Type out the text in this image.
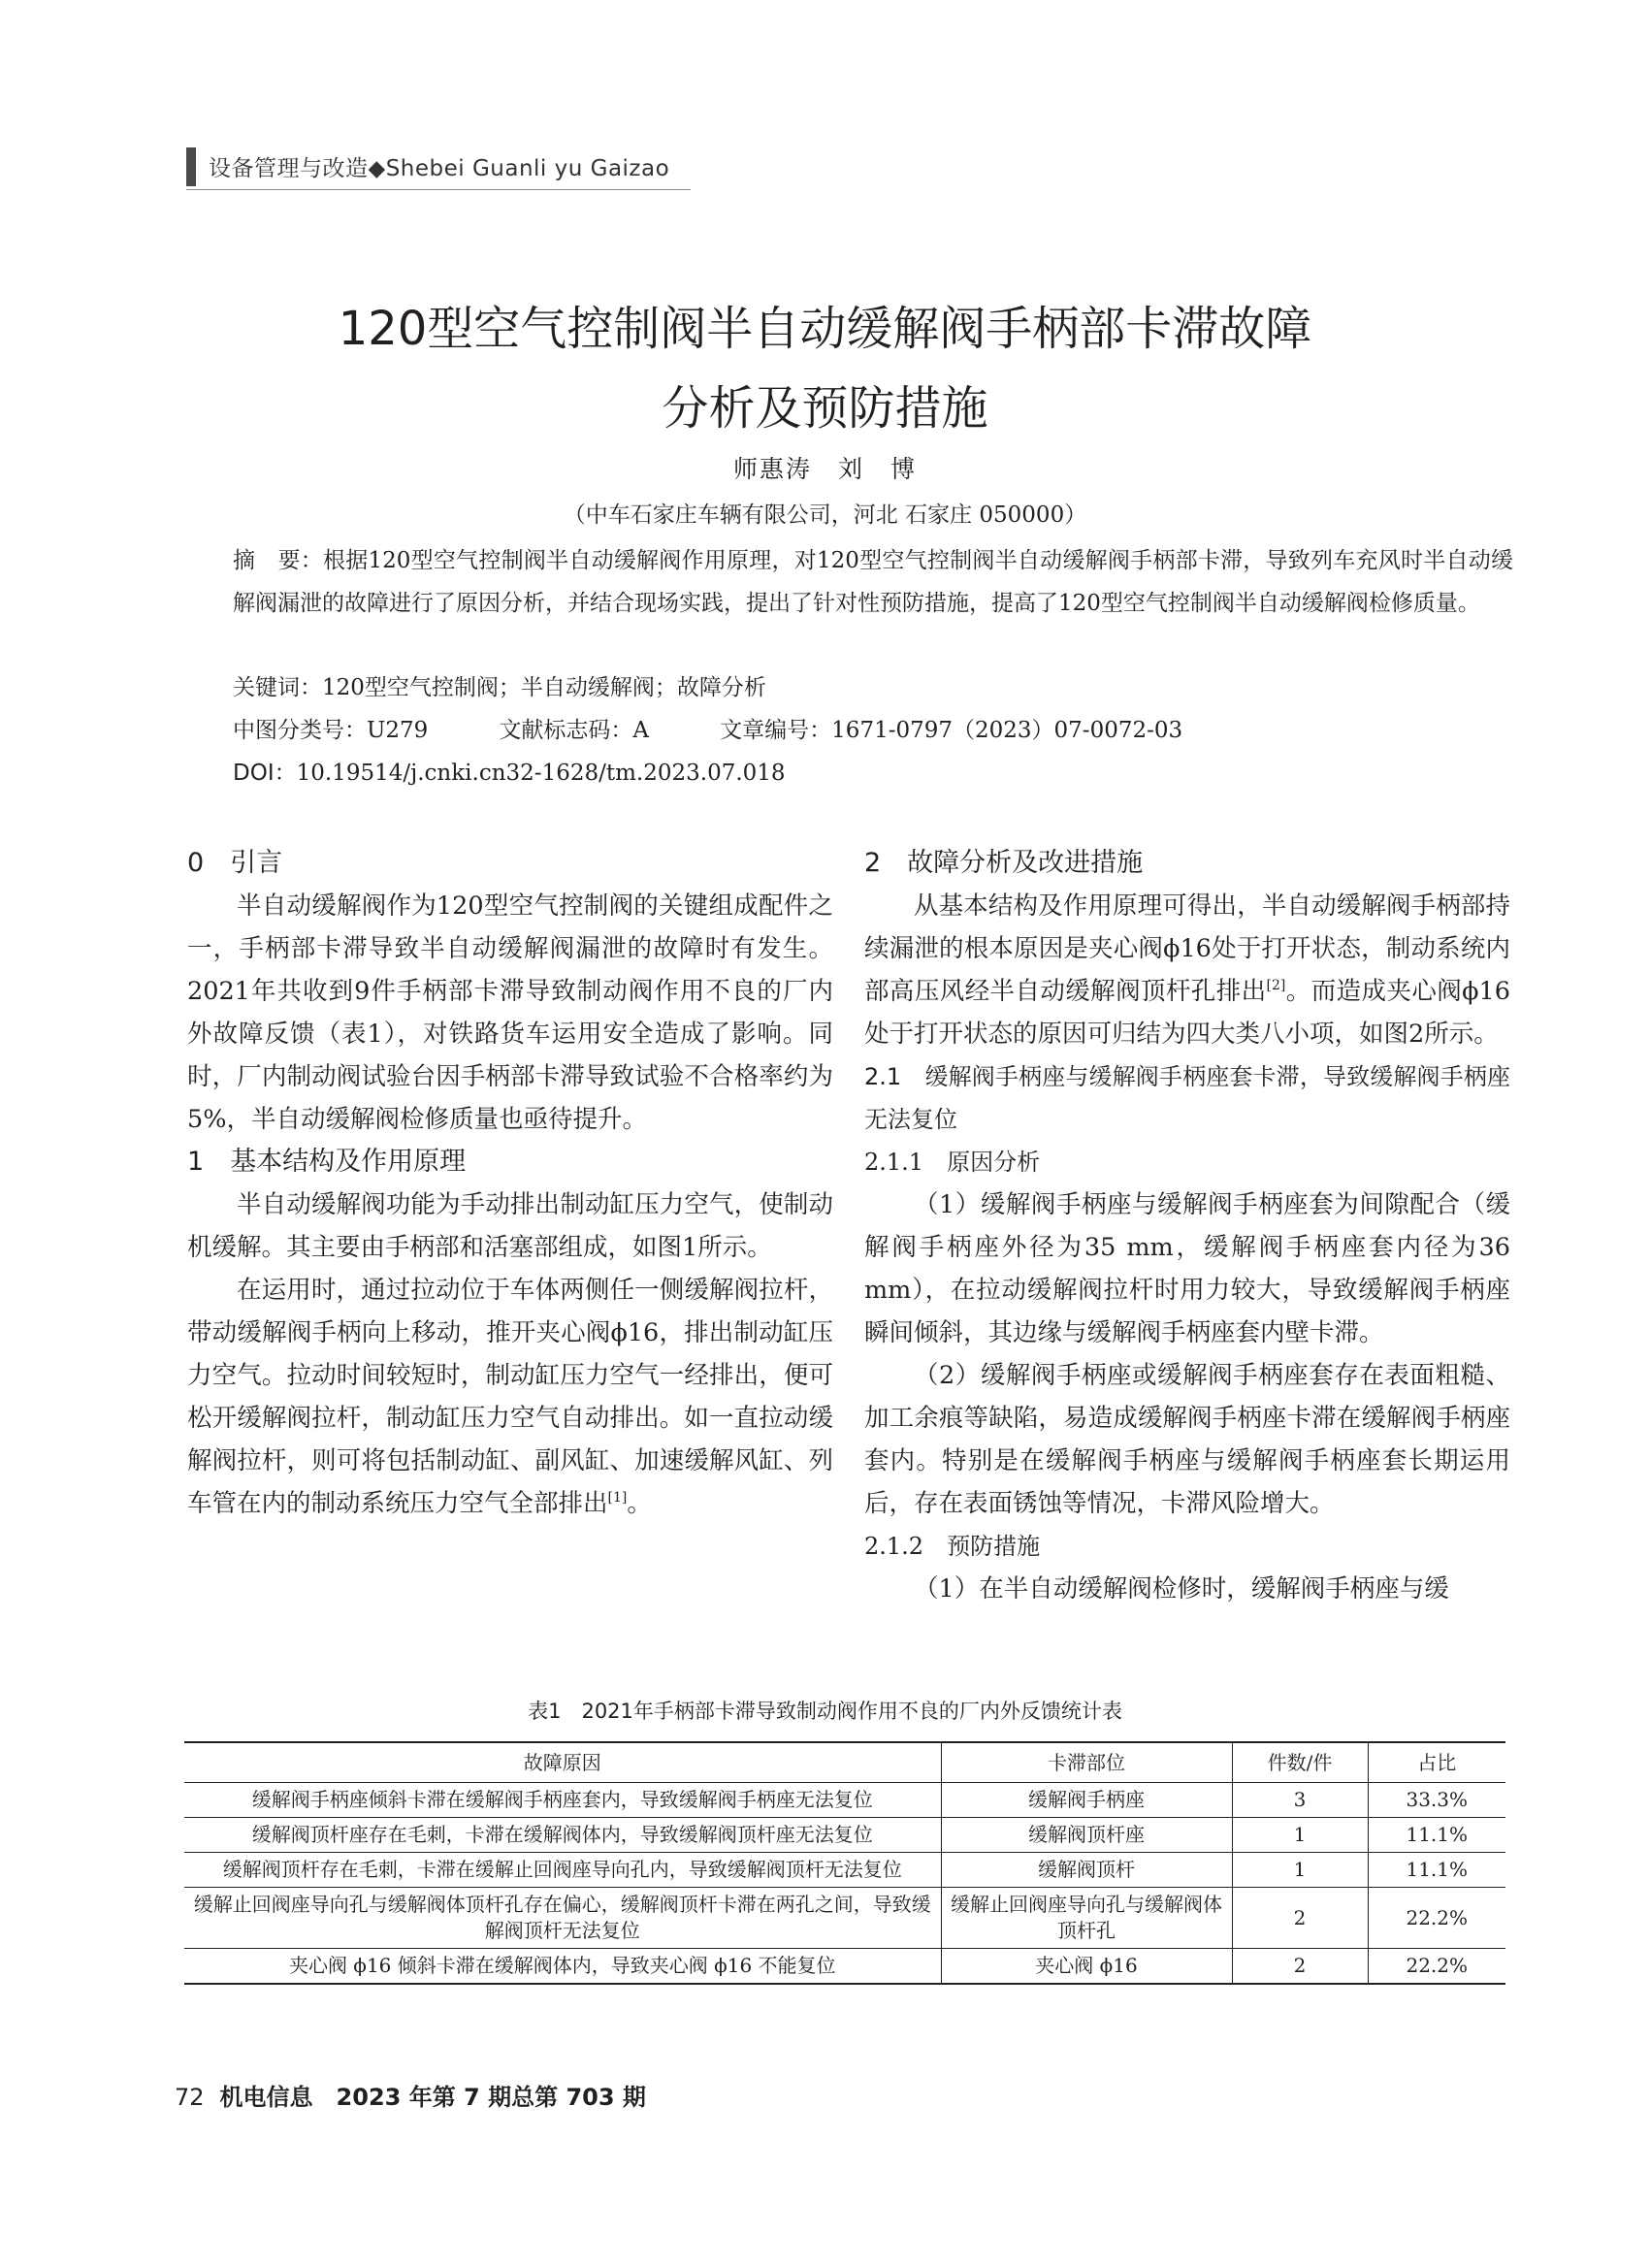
设备管理与改造◆Shebei Guanli yu Gaizao
120型空气控制阀半自动缓解阀手柄部卡滞故障
分析及预防措施
师惠涛　刘　博
（中车石家庄车辆有限公司，河北 石家庄 050000）
摘　要：根据120型空气控制阀半自动缓解阀作用原理，对120型空气控制阀半自动缓解阀手柄部卡滞，导致列车充风时半自动缓解阀漏泄的故障进行了原因分析，并结合现场实践，提出了针对性预防措施，提高了120型空气控制阀半自动缓解阀检修质量。
关键词：120型空气控制阀；半自动缓解阀；故障分析
中图分类号：U279	文献标志码：A	文章编号：1671-0797（2023）07-0072-03
DOI：10.19514/j.cnki.cn32-1628/tm.2023.07.018

0　引言

半自动缓解阀作为120型空气控制阀的关键组成配件之一，手柄部卡滞导致半自动缓解阀漏泄的故障时有发生。2021年共收到9件手柄部卡滞导致制动阀作用不良的厂内外故障反馈（表1），对铁路货车运用安全造成了影响。同时，厂内制动阀试验台因手柄部卡滞导致试验不合格率约为5%，半自动缓解阀检修质量也亟待提升。

1　基本结构及作用原理

半自动缓解阀功能为手动排出制动缸压力空气，使制动机缓解。其主要由手柄部和活塞部组成，如图1所示。

在运用时，通过拉动位于车体两侧任一侧缓解阀拉杆，带动缓解阀手柄向上移动，推开夹心阀ϕ16，排出制动缸压力空气。拉动时间较短时，制动缸压力空气一经排出，便可松开缓解阀拉杆，制动缸压力空气自动排出。如一直拉动缓解阀拉杆，则可将包括制动缸、副风缸、加速缓解风缸、列车管在内的制动系统压力空气全部排出[1]。

2　故障分析及改进措施

从基本结构及作用原理可得出，半自动缓解阀手柄部持续漏泄的根本原因是夹心阀ϕ16处于打开状态，制动系统内部高压风经半自动缓解阀顶杆孔排出[2]。而造成夹心阀ϕ16处于打开状态的原因可归结为四大类八小项，如图2所示。

2.1　缓解阀手柄座与缓解阀手柄座套卡滞，导致缓解阀手柄座无法复位

2.1.1　原因分析

（1）缓解阀手柄座与缓解阀手柄座套为间隙配合（缓解阀手柄座外径为35 mm，缓解阀手柄座套内径为36 mm），在拉动缓解阀拉杆时用力较大，导致缓解阀手柄座瞬间倾斜，其边缘与缓解阀手柄座套内壁卡滞。

（2）缓解阀手柄座或缓解阀手柄座套存在表面粗糙、加工余痕等缺陷，易造成缓解阀手柄座卡滞在缓解阀手柄座套内。特别是在缓解阀手柄座与缓解阀手柄座套长期运用后，存在表面锈蚀等情况，卡滞风险增大。

2.1.2　预防措施

（1）在半自动缓解阀检修时，缓解阀手柄座与缓

表1　2021年手柄部卡滞导致制动阀作用不良的厂内外反馈统计表
故障原因	卡滞部位	件数/件	占比
缓解阀手柄座倾斜卡滞在缓解阀手柄座套内，导致缓解阀手柄座无法复位	缓解阀手柄座	3	33.3%
缓解阀顶杆座存在毛刺，卡滞在缓解阀体内，导致缓解阀顶杆座无法复位	缓解阀顶杆座	1	11.1%
缓解阀顶杆存在毛刺，卡滞在缓解止回阀座导向孔内，导致缓解阀顶杆无法复位	缓解阀顶杆	1	11.1%
缓解止回阀座导向孔与缓解阀体顶杆孔存在偏心，缓解阀顶杆卡滞在两孔之间，导致缓解阀顶杆无法复位	缓解止回阀座导向孔与缓解阀体顶杆孔	2	22.2%
夹心阀 ϕ16 倾斜卡滞在缓解阀体内，导致夹心阀 ϕ16 不能复位	夹心阀 ϕ16	2	22.2%
72 机电信息　2023 年第 7 期总第 703 期
